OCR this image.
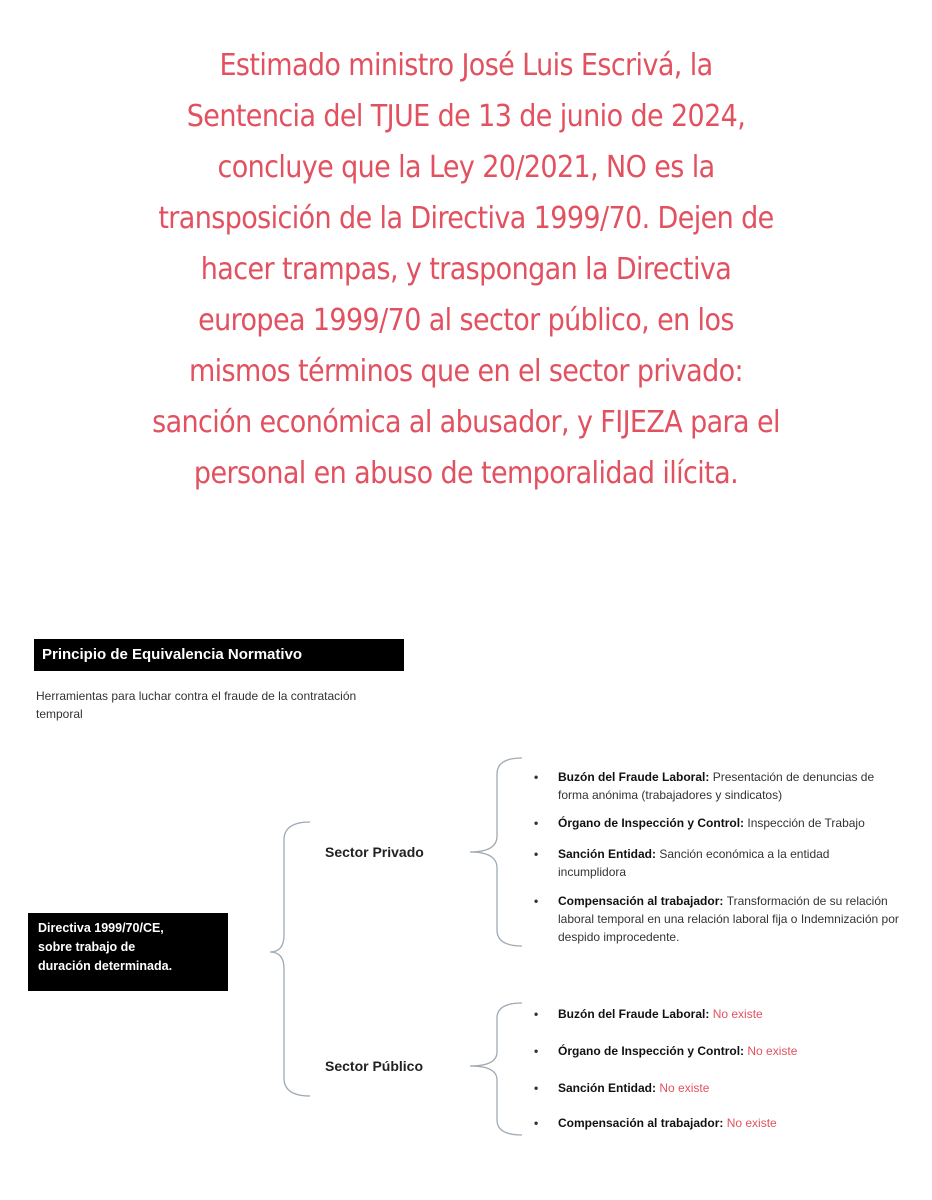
Estimado ministro José Luis Escrivá, la
Sentencia del TJUE de 13 de junio de 2024,
concluye que la Ley 20/2021, NO es la
transposición de la Directiva 1999/70. Dejen de
hacer trampas, y traspongan la Directiva
europea 1999/70 al sector público, en los
mismos términos que en el sector privado:
sanción económica al abusador, y FIJEZA para el
personal en abuso de temporalidad ilícita.
Principio de Equivalencia Normativo
Herramientas para luchar contra el fraude de la contratación temporal
Directiva 1999/70/CE,
sobre trabajo de
duración determinada.
Sector Privado
Sector Público
• Buzón del Fraude Laboral: Presentación de denuncias de forma anónima (trabajadores y sindicatos)
• Órgano de Inspección y Control: Inspección de Trabajo
• Sanción Entidad: Sanción económica a la entidad incumplidora
• Compensación al trabajador: Transformación de su relación laboral temporal en una relación laboral fija o Indemnización por despido improcedente.
• Buzón del Fraude Laboral: No existe
• Órgano de Inspección y Control: No existe
• Sanción Entidad: No existe
• Compensación al trabajador: No existe
